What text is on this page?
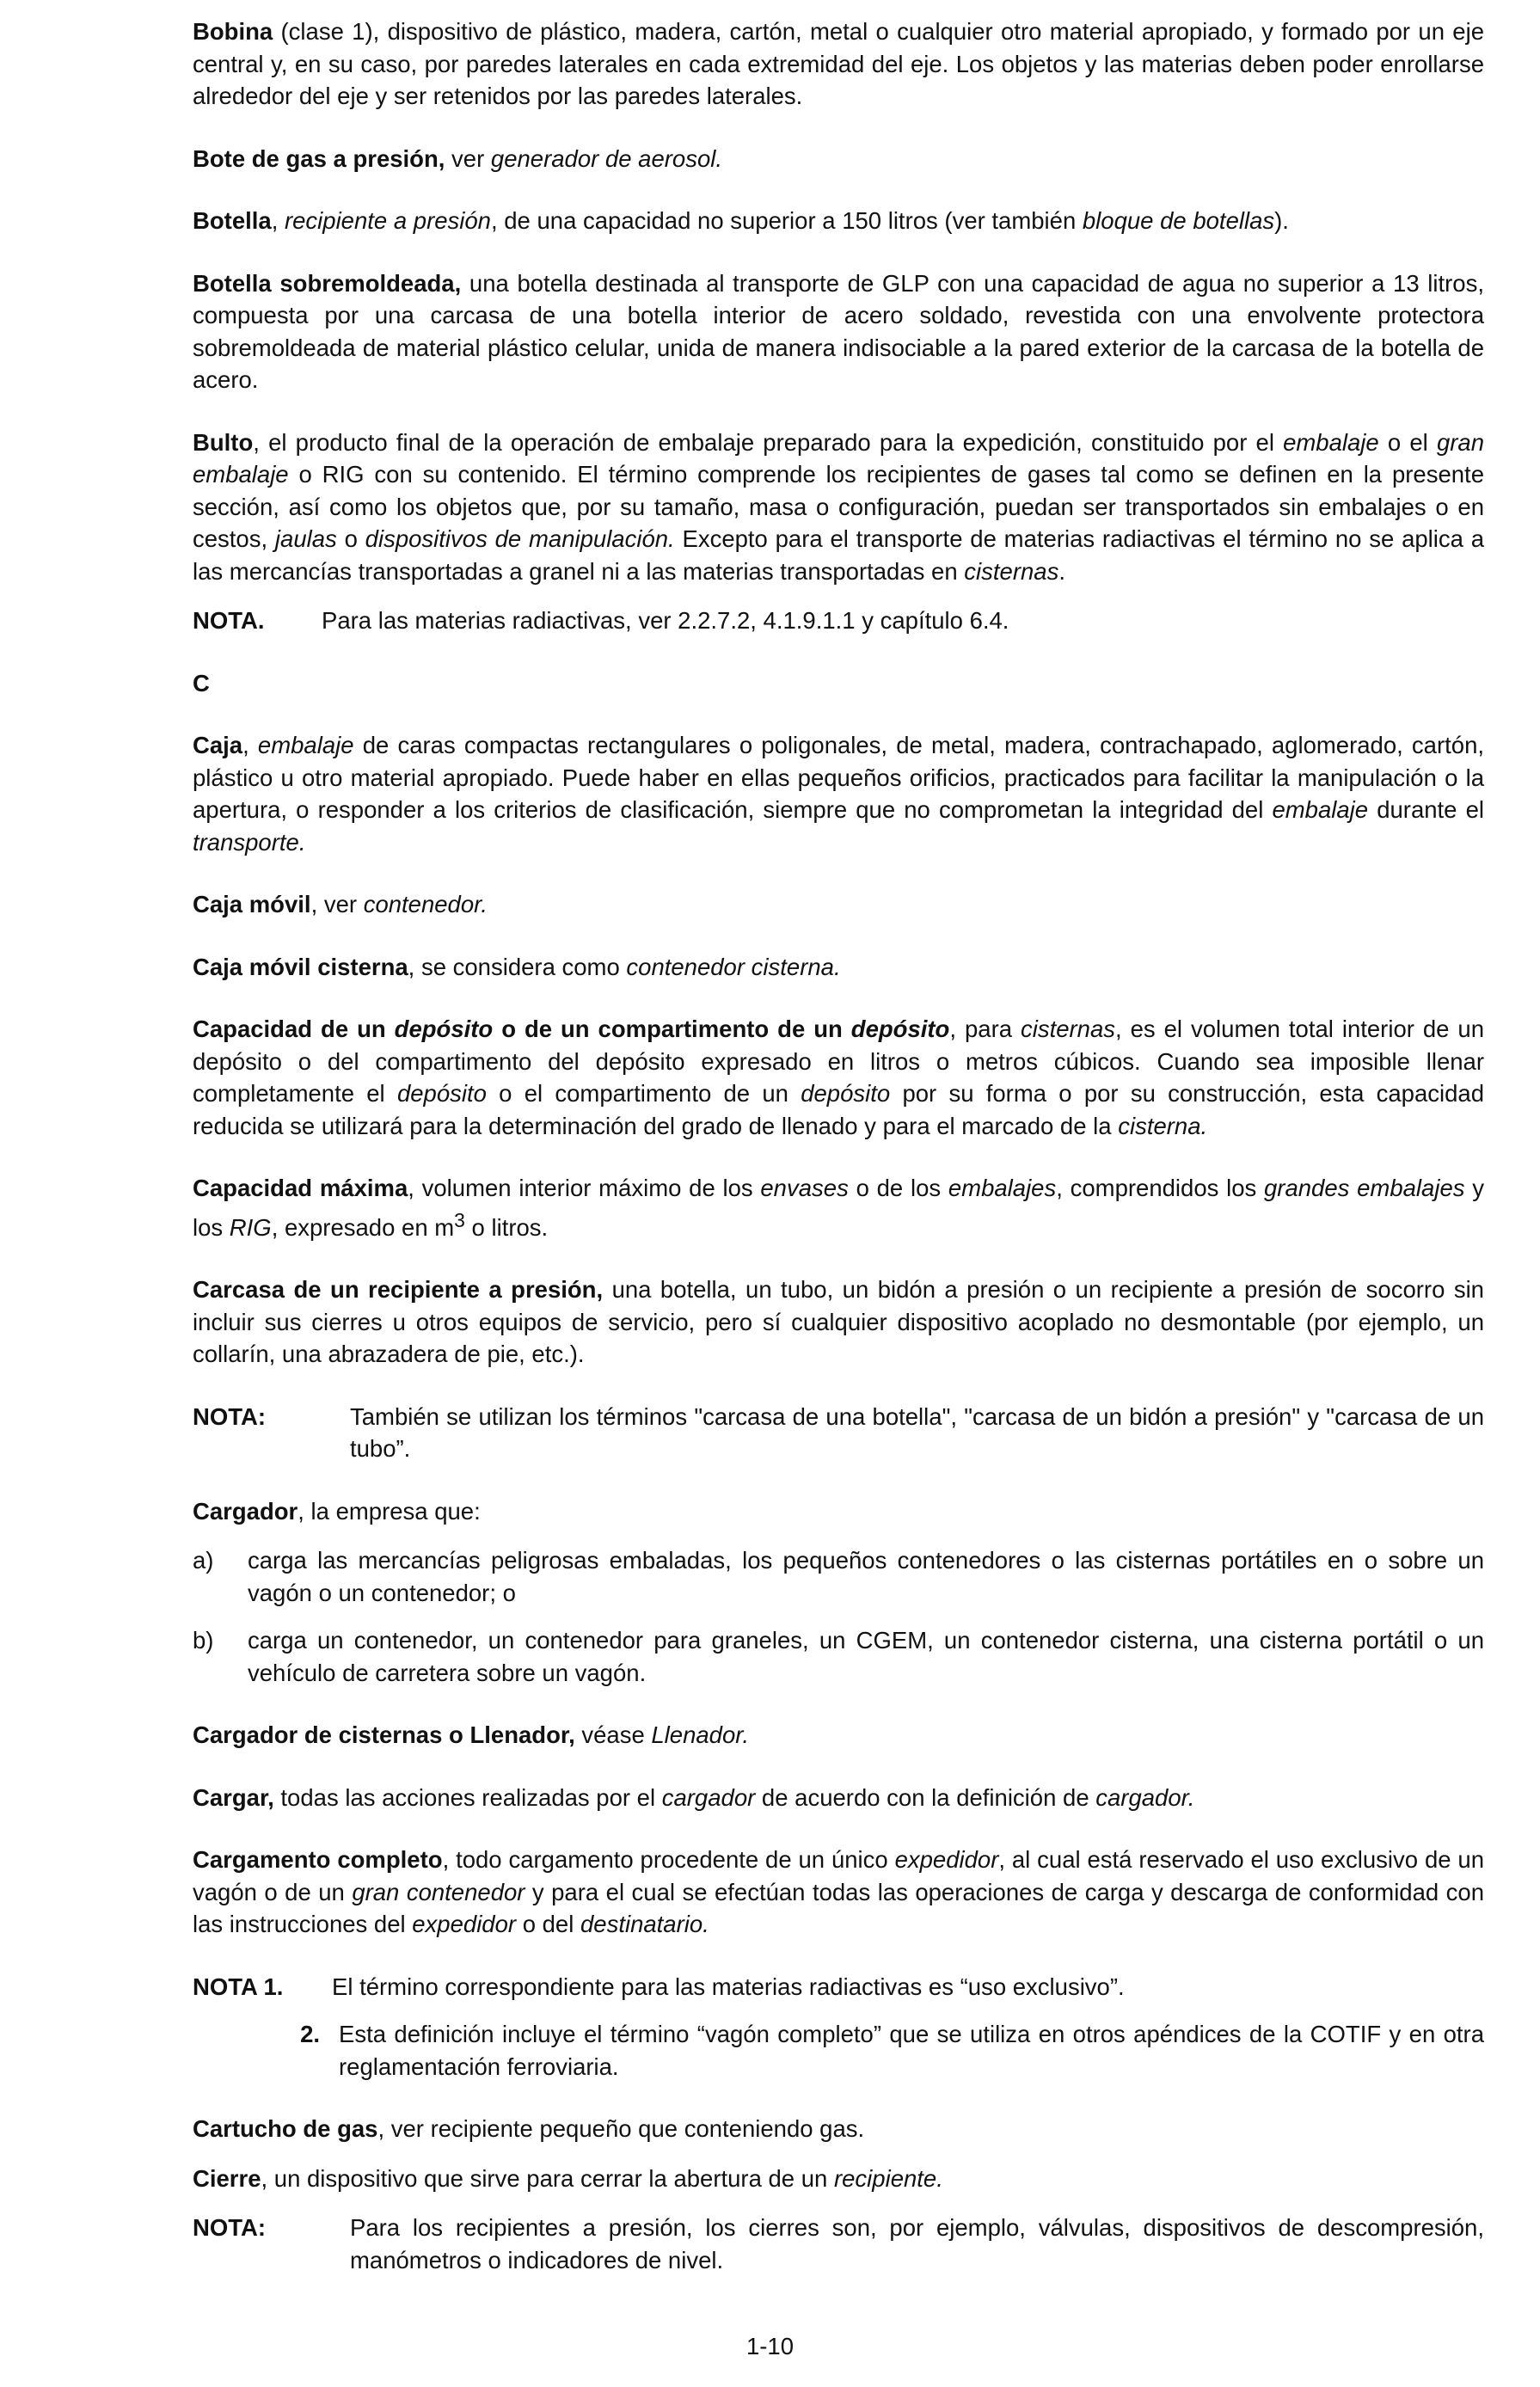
Bobina (clase 1), dispositivo de plástico, madera, cartón, metal o cualquier otro material apropiado, y formado por un eje central y, en su caso, por paredes laterales en cada extremidad del eje. Los objetos y las materias deben poder enrollarse alrededor del eje y ser retenidos por las paredes laterales.

Bote de gas a presión, ver generador de aerosol.

Botella, recipiente a presión, de una capacidad no superior a 150 litros (ver también bloque de botellas).

Botella sobremoldeada, una botella destinada al transporte de GLP con una capacidad de agua no superior a 13 litros, compuesta por una carcasa de una botella interior de acero soldado, revestida con una envolvente protectora sobremoldeada de material plástico celular, unida de manera indisociable a la pared exterior de la carcasa de la botella de acero.

Bulto, el producto final de la operación de embalaje preparado para la expedición, constituido por el embalaje o el gran embalaje o RIG con su contenido. El término comprende los recipientes de gases tal como se definen en la presente sección, así como los objetos que, por su tamaño, masa o configuración, puedan ser transportados sin embalajes o en cestos, jaulas o dispositivos de manipulación. Excepto para el transporte de materias radiactivas el término no se aplica a las mercancías transportadas a granel ni a las materias transportadas en cisternas.

NOTA.	Para las materias radiactivas, ver 2.2.7.2, 4.1.9.1.1 y capítulo 6.4.
C

Caja, embalaje de caras compactas rectangulares o poligonales, de metal, madera, contrachapado, aglomerado, cartón, plástico u otro material apropiado. Puede haber en ellas pequeños orificios, practicados para facilitar la manipulación o la apertura, o responder a los criterios de clasificación, siempre que no comprometan la integridad del embalaje durante el transporte.

Caja móvil, ver contenedor.

Caja móvil cisterna, se considera como contenedor cisterna.

Capacidad de un depósito o de un compartimento de un depósito, para cisternas, es el volumen total interior de un depósito o del compartimento del depósito expresado en litros o metros cúbicos. Cuando sea imposible llenar completamente el depósito o el compartimento de un depósito por su forma o por su construcción, esta capacidad reducida se utilizará para la determinación del grado de llenado y para el marcado de la cisterna.

Capacidad máxima, volumen interior máximo de los envases o de los embalajes, comprendidos los grandes embalajes y los RIG, expresado en $m^3$ o litros.

Carcasa de un recipiente a presión, una botella, un tubo, un bidón a presión o un recipiente a presión de socorro sin incluir sus cierres u otros equipos de servicio, pero sí cualquier dispositivo acoplado no desmontable (por ejemplo, un collarín, una abrazadera de pie, etc.).

NOTA:	También se utilizan los términos "carcasa de una botella", "carcasa de un bidón a presión" y "carcasa de un tubo”.

Cargador, la empresa que:

a)	carga las mercancías peligrosas embaladas, los pequeños contenedores o las cisternas portátiles en o sobre un vagón o un contenedor; o
b)	carga un contenedor, un contenedor para graneles, un CGEM, un contenedor cisterna, una cisterna portátil o un vehículo de carretera sobre un vagón.

Cargador de cisternas o Llenador, véase Llenador.

Cargar, todas las acciones realizadas por el cargador de acuerdo con la definición de cargador.

Cargamento completo, todo cargamento procedente de un único expedidor, al cual está reservado el uso exclusivo de un vagón o de un gran contenedor y para el cual se efectúan todas las operaciones de carga y descarga de conformidad con las instrucciones del expedidor o del destinatario.

NOTA 1.	El término correspondiente para las materias radiactivas es “uso exclusivo”.
2. Esta definición incluye el término “vagón completo” que se utiliza en otros apéndices de la COTIF y en otra reglamentación ferroviaria.

Cartucho de gas, ver recipiente pequeño que conteniendo gas.

Cierre, un dispositivo que sirve para cerrar la abertura de un recipiente.

NOTA:	Para los recipientes a presión, los cierres son, por ejemplo, válvulas, dispositivos de descompresión, manómetros o indicadores de nivel.
1-10
